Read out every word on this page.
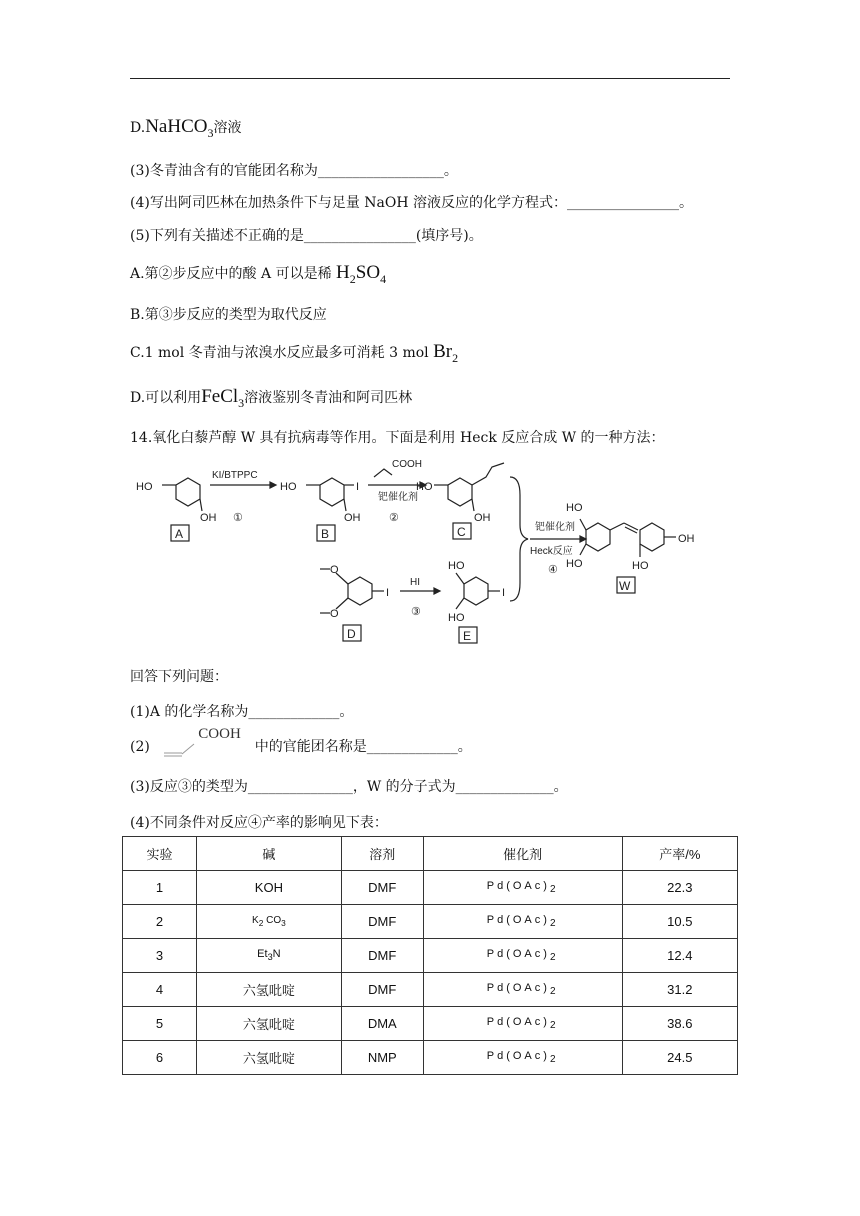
D.NaHCO$_3$溶液
(3)冬青油含有的官能团名称为__________________。
(4)写出阿司匹林在加热条件下与足量 NaOH 溶液反应的化学方程式：________________。
(5)下列有关描述不正确的是________________(填序号)。
A.第②步反应中的酸 A 可以是稀 $H_2SO_4$
B.第③步反应的类型为取代反应
C.1 mol 冬青油与浓溴水反应最多可消耗 3 mol $Br_2$
D.可以利用FeCl$_3$溶液鉴别冬青油和阿司匹林
14.氧化白藜芦醇 W 具有抗病毒等作用。下面是利用 Heck 反应合成 W 的一种方法：
HO
OH
A
KI/BTPPC
①
HO	I
OH
B
COOH
钯催化剂
②
HO
OH
C
O
O
I
D
HI
③
HO
HO
I
E
钯催化剂
Heck反应
④
HO
HO
OH
HO
W
回答下列问题：
(1)A 的化学名称为_____________。
(2)
COOH
中的官能团名称是_____________。
(3)反应③的类型为_______________，W 的分子式为______________。
(4)不同条件对反应④产率的影响见下表：
实验	碱	溶剂	催化剂	产率/%
1	KOH	DMF	$Pd(OAc)_2$	22.3
2	$K_2$ $CO_3$	DMF	$Pd(OAc)_2$	10.5
3	$Et_3N$	DMF	$Pd(OAc)_2$	12.4
4	六氢吡啶	DMF	$Pd(OAc)_2$	31.2
5	六氢吡啶	DMA	$Pd(OAc)_2$	38.6
6	六氢吡啶	NMP	$Pd(OAc)_2$	24.5
